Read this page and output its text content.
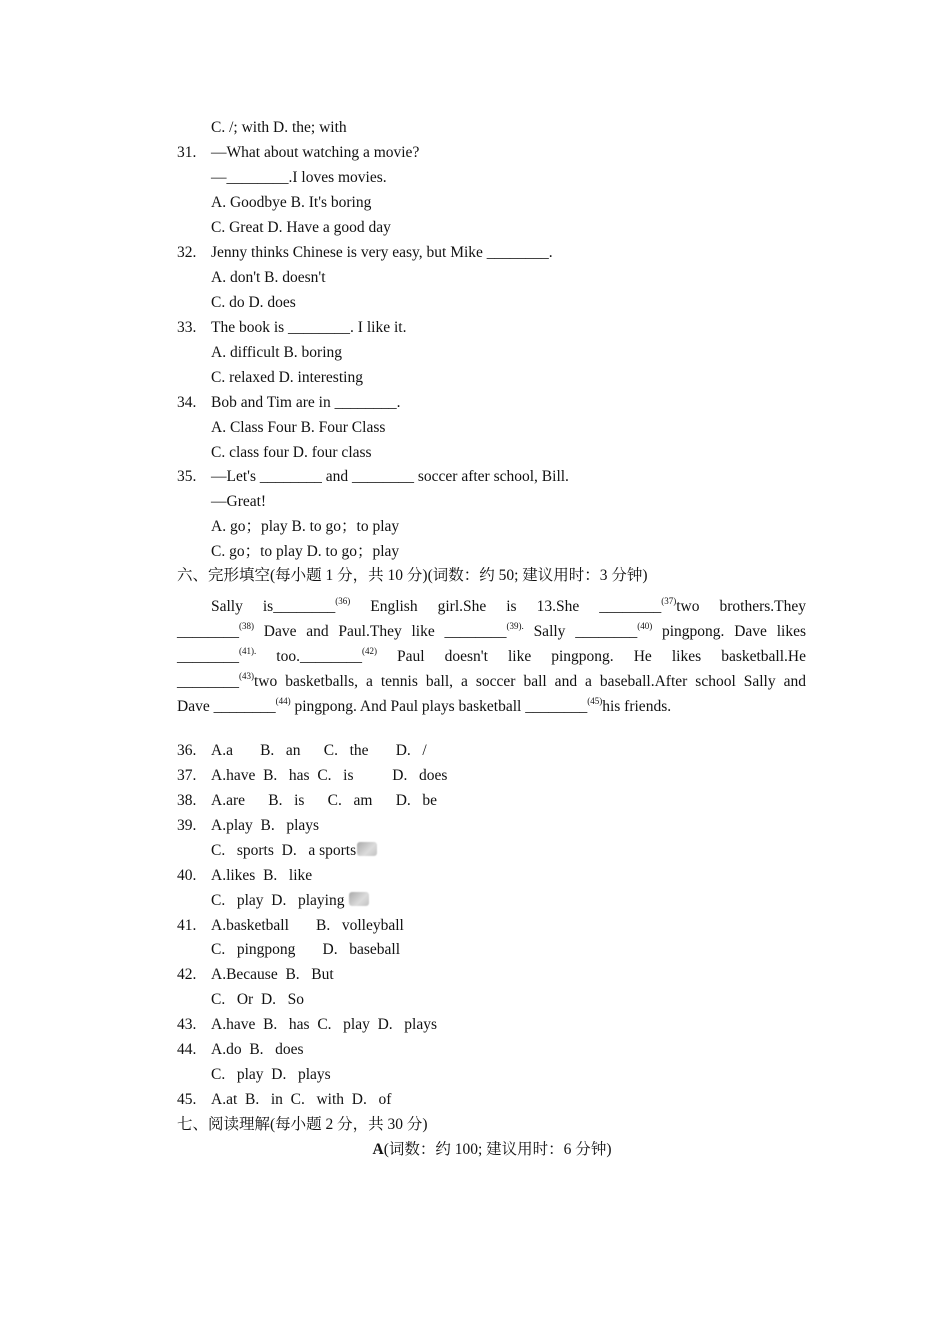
C. /; with D. the; with
31. —What about watching a movie?
—________.I loves movies.
A. Goodbye B. It's boring
C. Great D. Have a good day
32. Jenny thinks Chinese is very easy, but Mike ________.
A. don't B. doesn't
C. do D. does
33. The book is ________. I like it.
A. difficult B. boring
C. relaxed D. interesting
34. Bob and Tim are in ________.
A. Class Four B. Four Class
C. class four D. four class
35. —Let's ________ and ________ soccer after school, Bill.
—Great!
A. go；play B. to go；to play
C. go；to play D. to go；play
六、完形填空(每小题 1 分，共 10 分)(词数：约 50; 建议用时：3 分钟)
Sally is________$^{(36)}$ English girl.She is 13.She ________$^{(37)}$two brothers.They
________$^{(38)}$ Dave and Paul.They like ________$^{(39).}$ Sally ________$^{(40)}$ pingpong. Dave likes
________$^{(41).}$ too.________$^{(42)}$ Paul doesn't like pingpong. He likes basketball.He
________$^{(43)}$two basketballs, a tennis ball, a soccer ball and a baseball.After school Sally and
Dave ________$^{(44)}$ pingpong. And Paul plays basketball ________$^{(45)}$his friends.
36. A.a       B.   an      C.   the       D.   /
37. A.have  B.   has  C.   is          D.   does
38. A.are      B.   is      C.   am      D.   be
39. A.play  B.   plays
C.   sports  D.   a sports
40. A.likes  B.   like
C.   play  D.   playing
41. A.basketball       B.   volleyball
C.   pingpong       D.   baseball
42. A.Because  B.   But
C.   Or  D.   So
43. A.have  B.   has  C.   play  D.   plays
44. A.do  B.   does
C.   play  D.   plays
45. A.at  B.   in  C.   with  D.   of
七、阅读理解(每小题 2 分，共 30 分)
A(词数：约 100; 建议用时：6 分钟)
